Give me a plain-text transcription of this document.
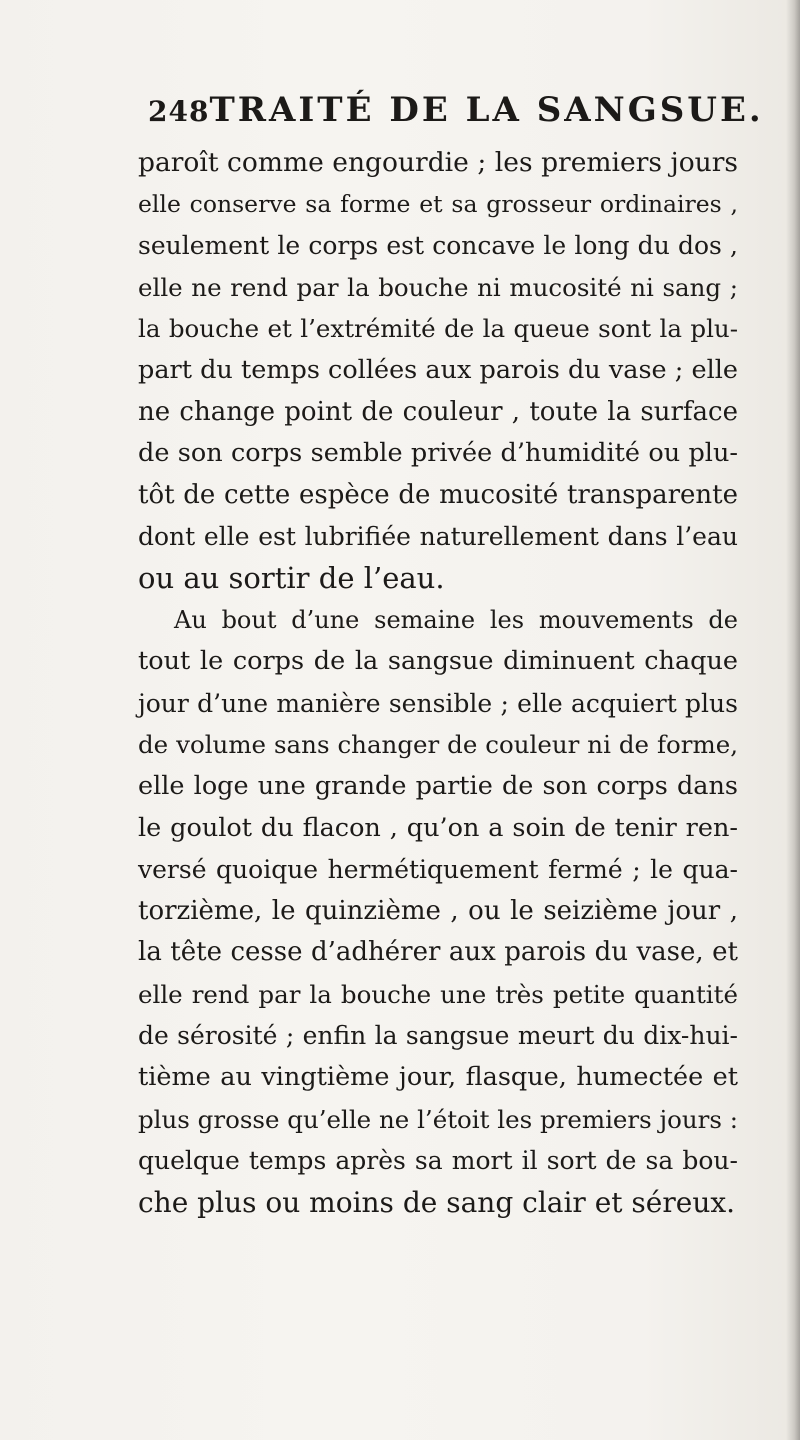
248 TRAITÉ DE LA SANGSUE.
paroît comme engourdie ; les premiers jours
elle conserve sa forme et sa grosseur ordinaires ,
seulement le corps est concave le long du dos ,
elle ne rend par la bouche ni mucosité ni sang ;
la bouche et l’extrémité de la queue sont la plu-
part du temps collées aux parois du vase ; elle
ne change point de couleur , toute la surface
de son corps semble privée d’humidité ou plu-
tôt de cette espèce de mucosité transparente
dont elle est lubrifiée naturellement dans l’eau
ou au sortir de l’eau.
Au bout d’une semaine les mouvements de
tout le corps de la sangsue diminuent chaque
jour d’une manière sensible ; elle acquiert plus
de volume sans changer de couleur ni de forme,
elle loge une grande partie de son corps dans
le goulot du flacon , qu’on a soin de tenir ren-
versé quoique hermétiquement fermé ; le qua-
torzième, le quinzième , ou le seizième jour ,
la tête cesse d’adhérer aux parois du vase, et
elle rend par la bouche une très petite quantité
de sérosité ; enfin la sangsue meurt du dix-hui-
tième au vingtième jour, flasque, humectée et
plus grosse qu’elle ne l’étoit les premiers jours :
quelque temps après sa mort il sort de sa bou-
che plus ou moins de sang clair et séreux.
